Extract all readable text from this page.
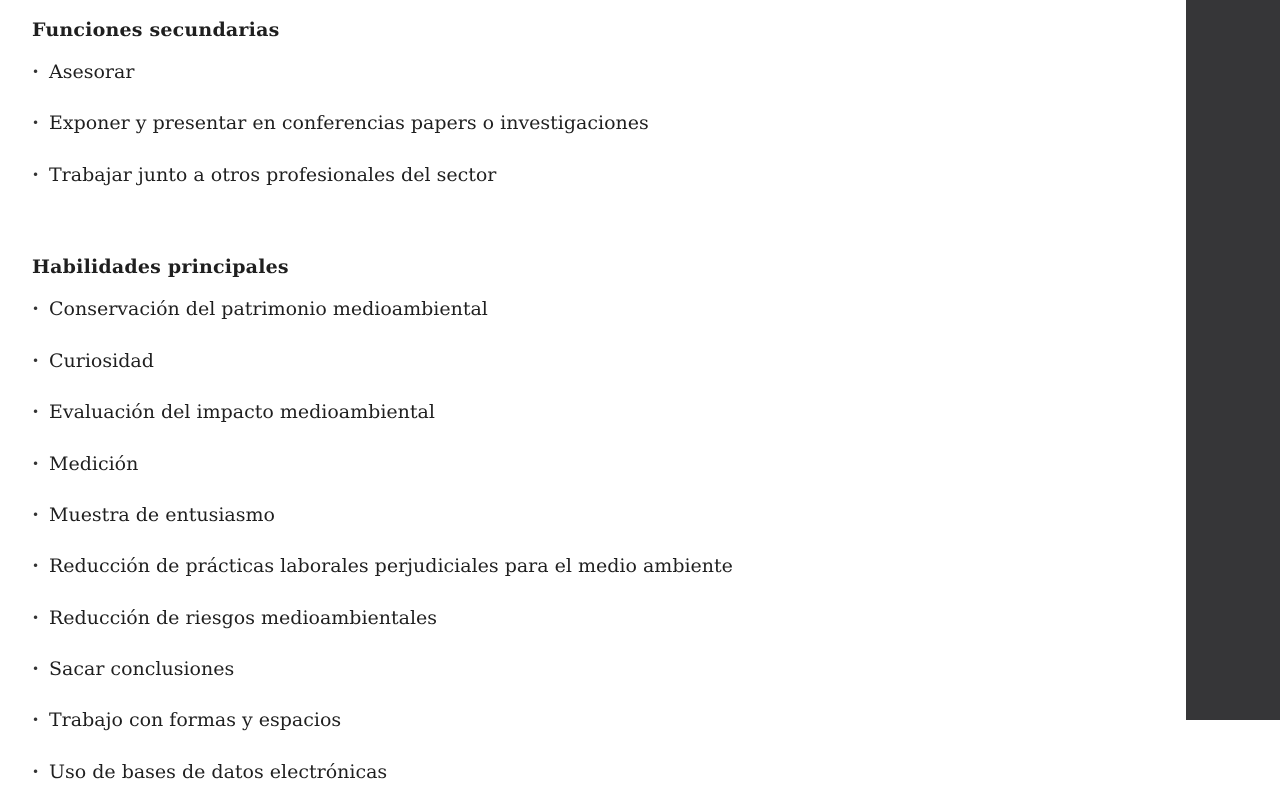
Funciones secundarias
• Asesorar
• Exponer y presentar en conferencias papers o investigaciones
• Trabajar junto a otros profesionales del sector
Habilidades principales
• Conservación del patrimonio medioambiental
• Curiosidad
• Evaluación del impacto medioambiental
• Medición
• Muestra de entusiasmo
• Reducción de prácticas laborales perjudiciales para el medio ambiente
• Reducción de riesgos medioambientales
• Sacar conclusiones
• Trabajo con formas y espacios
• Uso de bases de datos electrónicas
